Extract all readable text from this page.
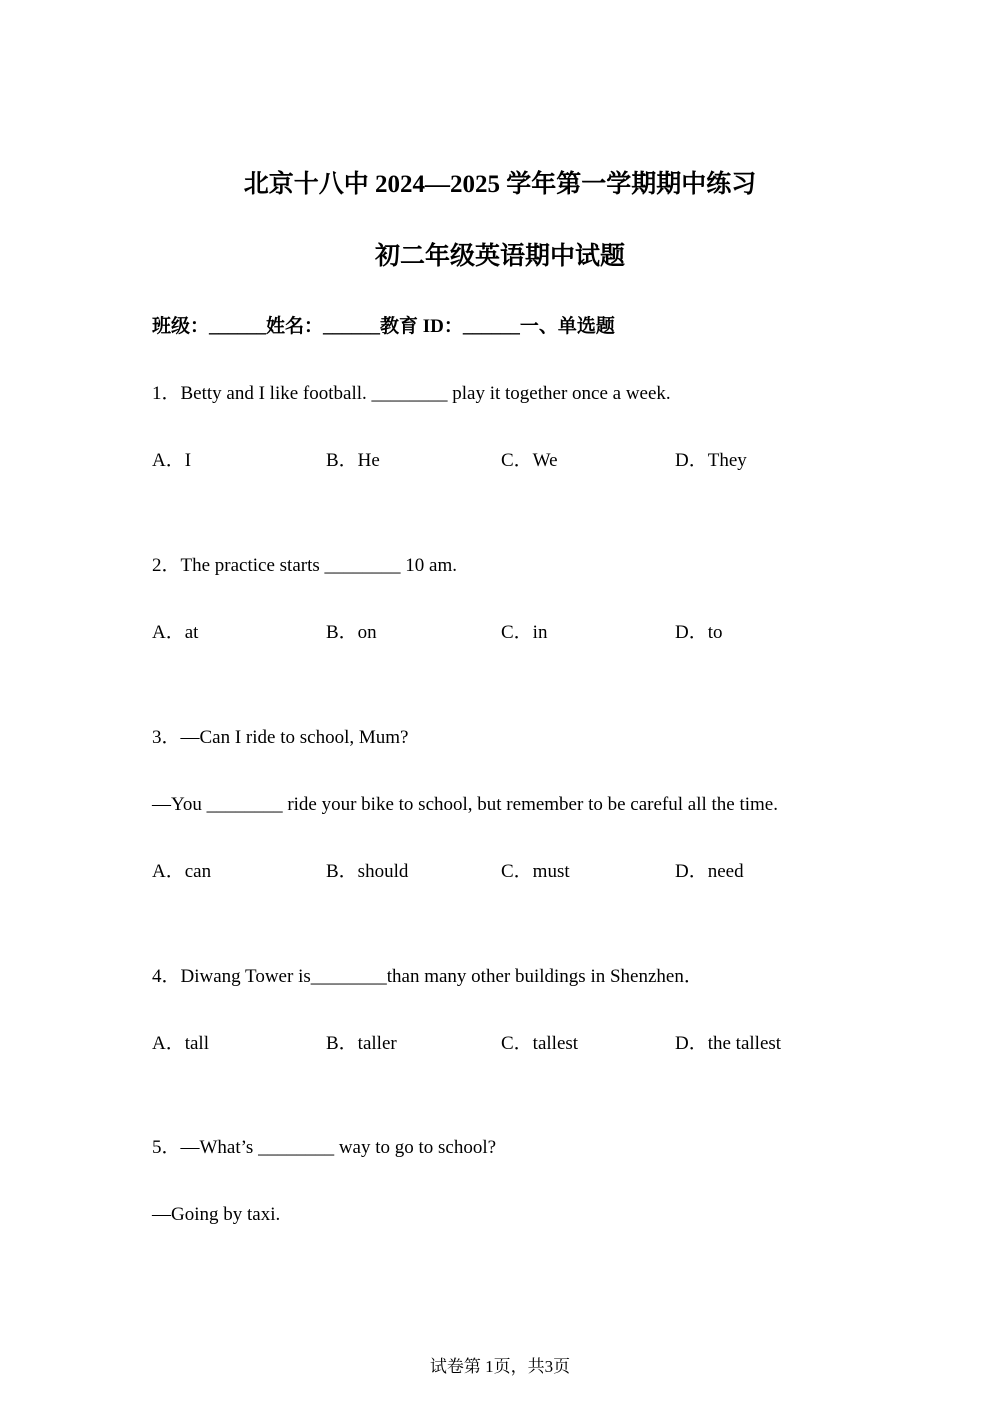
北京十八中 2024—2025 学年第一学期期中练习
初二年级英语期中试题
班级：______姓名：______教育 ID：______一、单选题
1．Betty and I like football. ________ play it together once a week.
A．I	B．He	C．We	D．They
2．The practice starts ________ 10 am.
A．at	B．on	C．in	D．to
3．—Can I ride to school, Mum?
—You ________ ride your bike to school, but remember to be careful all the time.
A．can	B．should	C．must	D．need
4．Diwang Tower is________than many other buildings in Shenzhen．
A．tall	B．taller	C．tallest	D．the tallest
5．—What’s ________ way to go to school?
—Going by taxi.
试卷第 1页，共3页
